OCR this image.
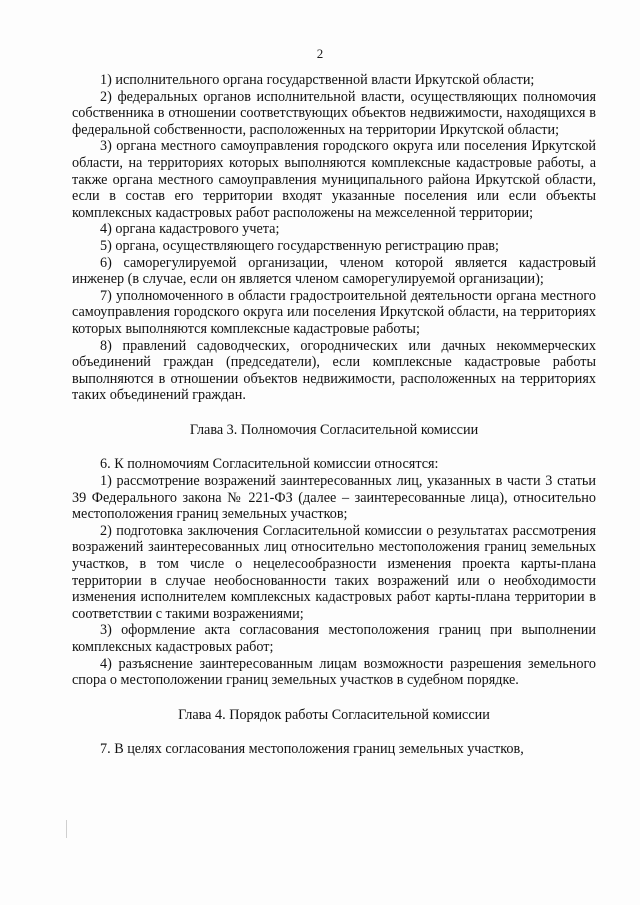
2

1) исполнительного органа государственной власти Иркутской области;

2) федеральных органов исполнительной власти, осуществляющих полномочия собственника в отношении соответствующих объектов недвижимости, находящихся в федеральной собственности, расположенных на территории Иркутской области;

3) органа местного самоуправления городского округа или поселения Иркутской области, на территориях которых выполняются комплексные кадастровые работы, а также органа местного самоуправления муниципального района Иркутской области, если в состав его территории входят указанные поселения или если объекты комплексных кадастровых работ расположены на межселенной территории;

4) органа кадастрового учета;

5) органа, осуществляющего государственную регистрацию прав;

6) саморегулируемой организации, членом которой является кадастровый инженер (в случае, если он является членом саморегулируемой организации);

7) уполномоченного в области градостроительной деятельности органа местного самоуправления городского округа или поселения Иркутской области, на территориях которых выполняются комплексные кадастровые работы;

8) правлений садоводческих, огороднических или дачных некоммерческих объединений граждан (председатели), если комплексные кадастровые работы выполняются в отношении объектов недвижимости, расположенных на территориях таких объединений граждан.

Глава 3. Полномочия Согласительной комиссии

6. К полномочиям Согласительной комиссии относятся:

1) рассмотрение возражений заинтересованных лиц, указанных в части 3 статьи 39 Федерального закона № 221-ФЗ (далее – заинтересованные лица), относительно местоположения границ земельных участков;

2) подготовка заключения Согласительной комиссии о результатах рассмотрения возражений заинтересованных лиц относительно местоположения границ земельных участков, в том числе о нецелесообразности изменения проекта карты-плана территории в случае необоснованности таких возражений или о необходимости изменения исполнителем комплексных кадастровых работ карты-плана территории в соответствии с такими возражениями;

3) оформление акта согласования местоположения границ при выполнении комплексных кадастровых работ;

4) разъяснение заинтересованным лицам возможности разрешения земельного спора о местоположении границ земельных участков в судебном порядке.

Глава 4. Порядок работы Согласительной комиссии

7. В целях согласования местоположения границ земельных участков,
